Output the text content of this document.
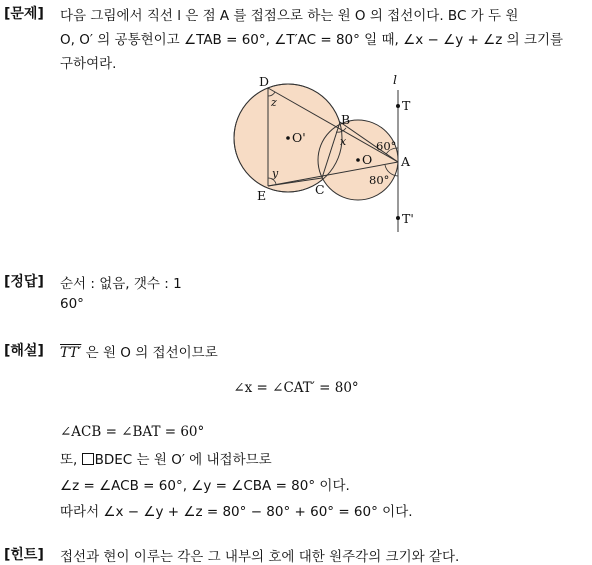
[문제] 다음 그림에서 직선 l 은 점 A 를 접점으로 하는 원 O 의 접선이다. BC 가 두 원
O, O′ 의 공통현이고 ∠TAB = 60°, ∠T′AC = 80° 일 때, ∠x − ∠y + ∠z 의 크기를
구하여라.
D
B
E	C
O
O'
A
T
T'
l
x
y
z
60°
80°
[정답] 순서 : 없음, 갯수 : 1
60°
[해설] TT′ 은 원 O 의 접선이므로
∠x = ∠CAT′ = 80°
∠ACB = ∠BAT = 60°
또, BDEC 는 원 O′ 에 내접하므로
∠z = ∠ACB = 60°, ∠y = ∠CBA = 80° 이다.
따라서 ∠x − ∠y + ∠z = 80° − 80° + 60° = 60° 이다.
[힌트] 접선과 현이 이루는 각은 그 내부의 호에 대한 원주각의 크기와 같다.
